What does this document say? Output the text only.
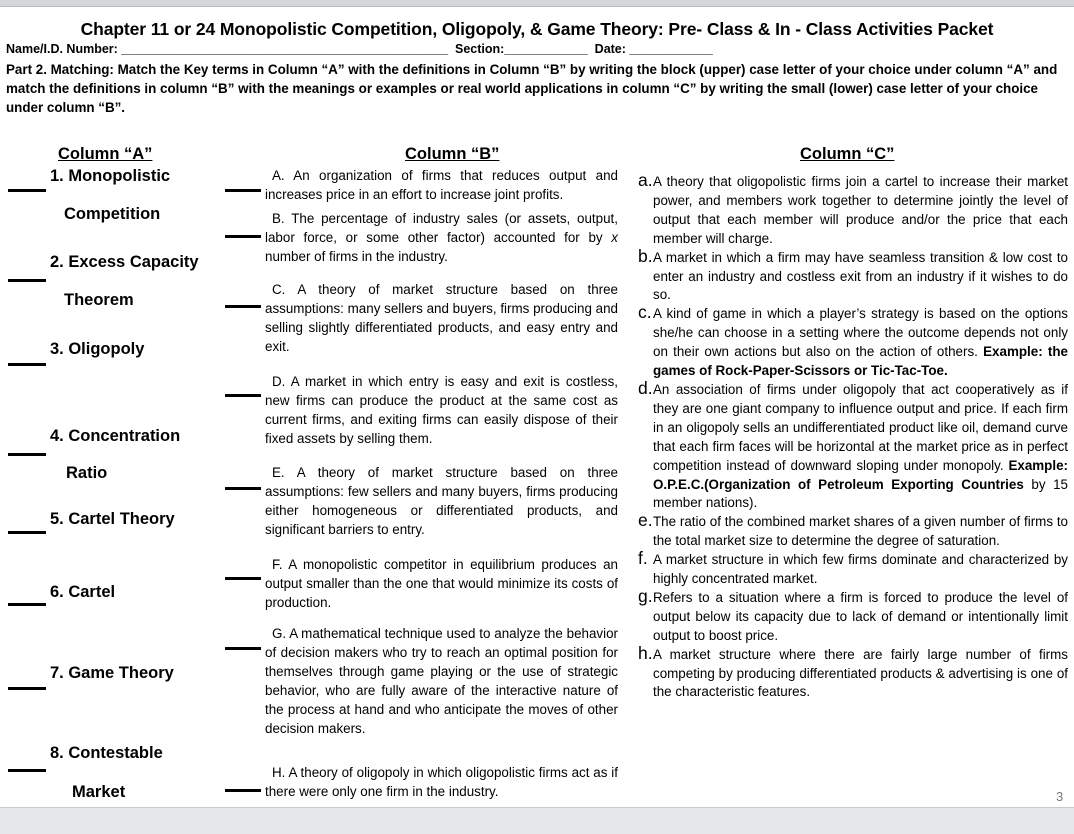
Chapter 11 or 24 Monopolistic Competition, Oligopoly, & Game Theory: Pre- Class & In - Class Activities Packet
Name/I.D. Number: _______________________________________________  Section:____________  Date: ____________
Part 2. Matching: Match the Key terms in Column “A” with the definitions in Column “B” by writing the block (upper) case letter of your choice under column “A” and match the definitions in column “B” with the meanings or examples or real world applications in column “C” by writing the small (lower) case letter of your choice under column “B”.
Column “A”	Column “B”	Column “C”
1. Monopolistic
Competition
2. Excess Capacity
Theorem
3. Oligopoly
4. Concentration
Ratio
5. Cartel Theory
6. Cartel
7. Game Theory
8. Contestable
Market
A. An organization of firms that reduces output and increases price in an effort to increase joint profits.
B. The percentage of industry sales (or assets, output, labor force, or some other factor) accounted for by x number of firms in the industry.
C. A theory of market structure based on three assumptions: many sellers and buyers, firms producing and selling slightly differentiated products, and easy entry and exit.
D. A market in which entry is easy and exit is costless, new firms can produce the product at the same cost as current firms, and exiting firms can easily dispose of their fixed assets by selling them.
E. A theory of market structure based on three assumptions: few sellers and many buyers, firms producing either homogeneous or differentiated products, and significant barriers to entry.
F. A monopolistic competitor in equilibrium produces an output smaller than the one that would minimize its costs of production.
G. A mathematical technique used to analyze the behavior of decision makers who try to reach an optimal position for themselves through game playing or the use of strategic behavior, who are fully aware of the interactive nature of the process at hand and who anticipate the moves of other decision makers.
H. A theory of oligopoly in which oligopolistic firms act as if there were only one firm in the industry.
a. A theory that oligopolistic firms join a cartel to increase their market power, and members work together to determine jointly the level of output that each member will produce and/or the price that each member will charge.
b. A market in which a firm may have seamless transition & low cost to enter an industry and costless exit from an industry if it wishes to do so.
c. A kind of game in which a player’s strategy is based on the options she/he can choose in a setting where the outcome depends not only on their own actions but also on the action of others. Example: the games of Rock-Paper-Scissors or Tic-Tac-Toe.
d. An association of firms under oligopoly that act cooperatively as if they are one giant company to influence output and price. If each firm in an oligopoly sells an undifferentiated product like oil, demand curve that each firm faces will be horizontal at the market price as in perfect competition instead of downward sloping under monopoly. Example: O.P.E.C.(Organization of Petroleum Exporting Countries by 15 member nations).
e. The ratio of the combined market shares of a given number of firms to the total market size to determine the degree of saturation.
f. A market structure in which few firms dominate and characterized by highly concentrated market.
g. Refers to a situation where a firm is forced to produce the level of output below its capacity due to lack of demand or intentionally limit output to boost price.
h. A market structure where there are fairly large number of firms competing by producing differentiated products & advertising is one of the characteristic features.
3
